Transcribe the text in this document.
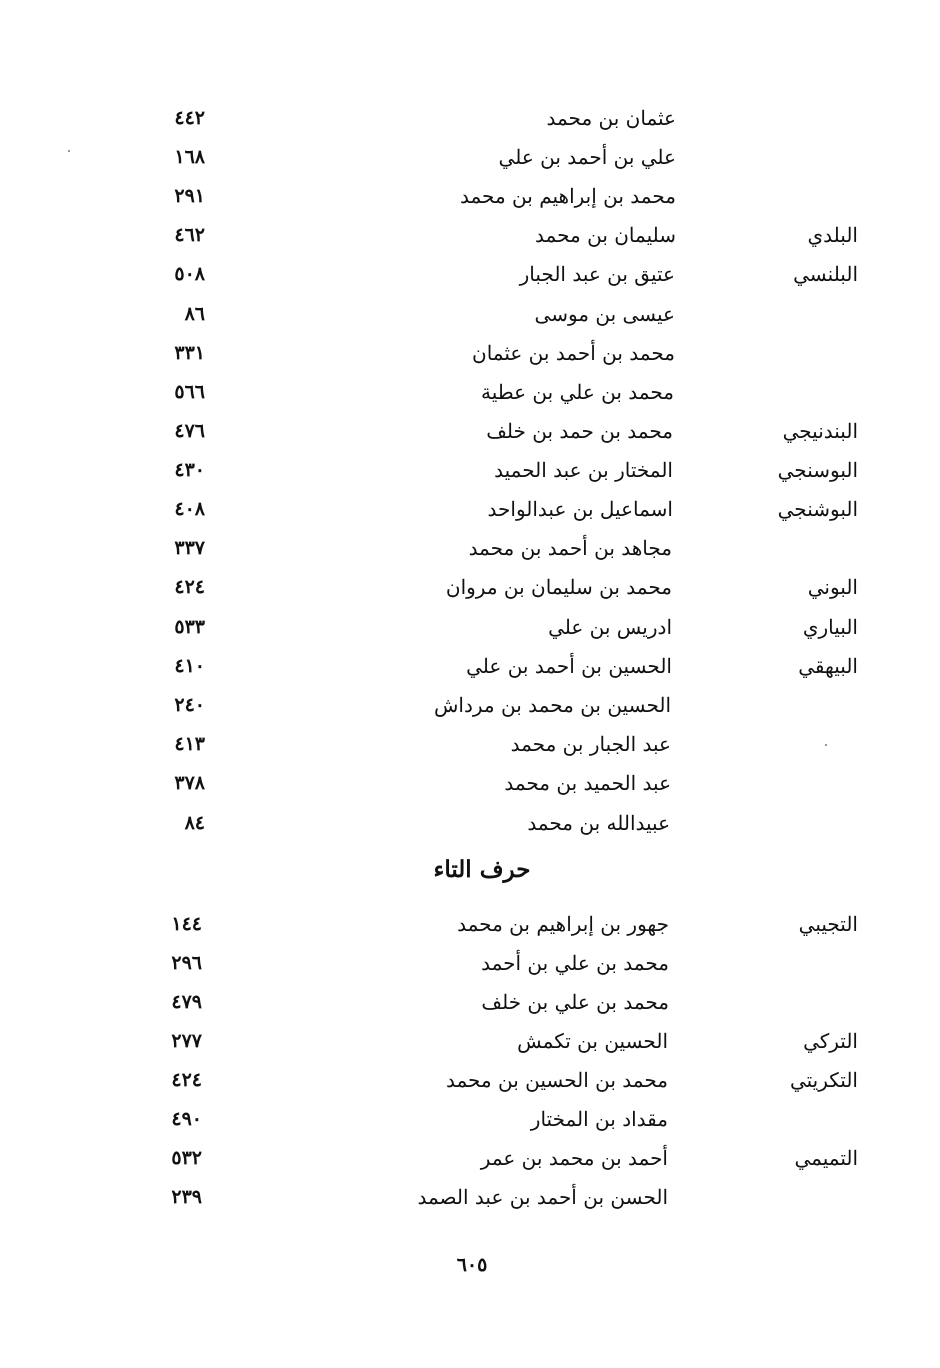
عثمان بن محمد
٤٤٢
علي بن أحمد بن علي
١٦٨
محمد بن إبراهيم بن محمد
٢٩١
البلدي
سليمان بن محمد
٤٦٢
البلنسي
عتيق بن عبد الجبار
٥٠٨
عيسى بن موسى
٨٦
محمد بن أحمد بن عثمان
٣٣١
محمد بن علي بن عطية
٥٦٦
البندنيجي
محمد بن حمد بن خلف
٤٧٦
البوسنجي
المختار بن عبد الحميد
٤٣٠
البوشنجي
اسماعيل بن عبدالواحد
٤٠٨
مجاهد بن أحمد بن محمد
٣٣٧
البوني
محمد بن سليمان بن مروان
٤٢٤
البياري
ادريس بن علي
٥٣٣
البيهقي
الحسين بن أحمد بن علي
٤١٠
الحسين بن محمد بن مرداش
٢٤٠
عبد الجبار بن محمد
٤١٣
عبد الحميد بن محمد
٣٧٨
عبيدالله بن محمد
٨٤
حرف التاء
التجيبي
جهور بن إبراهيم بن محمد
١٤٤
محمد بن علي بن أحمد
٢٩٦
محمد بن علي بن خلف
٤٧٩
التركي
الحسين بن تكمش
٢٧٧
التكريتي
محمد بن الحسين بن محمد
٤٢٤
مقداد بن المختار
٤٩٠
التميمي
أحمد بن محمد بن عمر
٥٣٢
الحسن بن أحمد بن عبد الصمد
٢٣٩
٦٠٥
